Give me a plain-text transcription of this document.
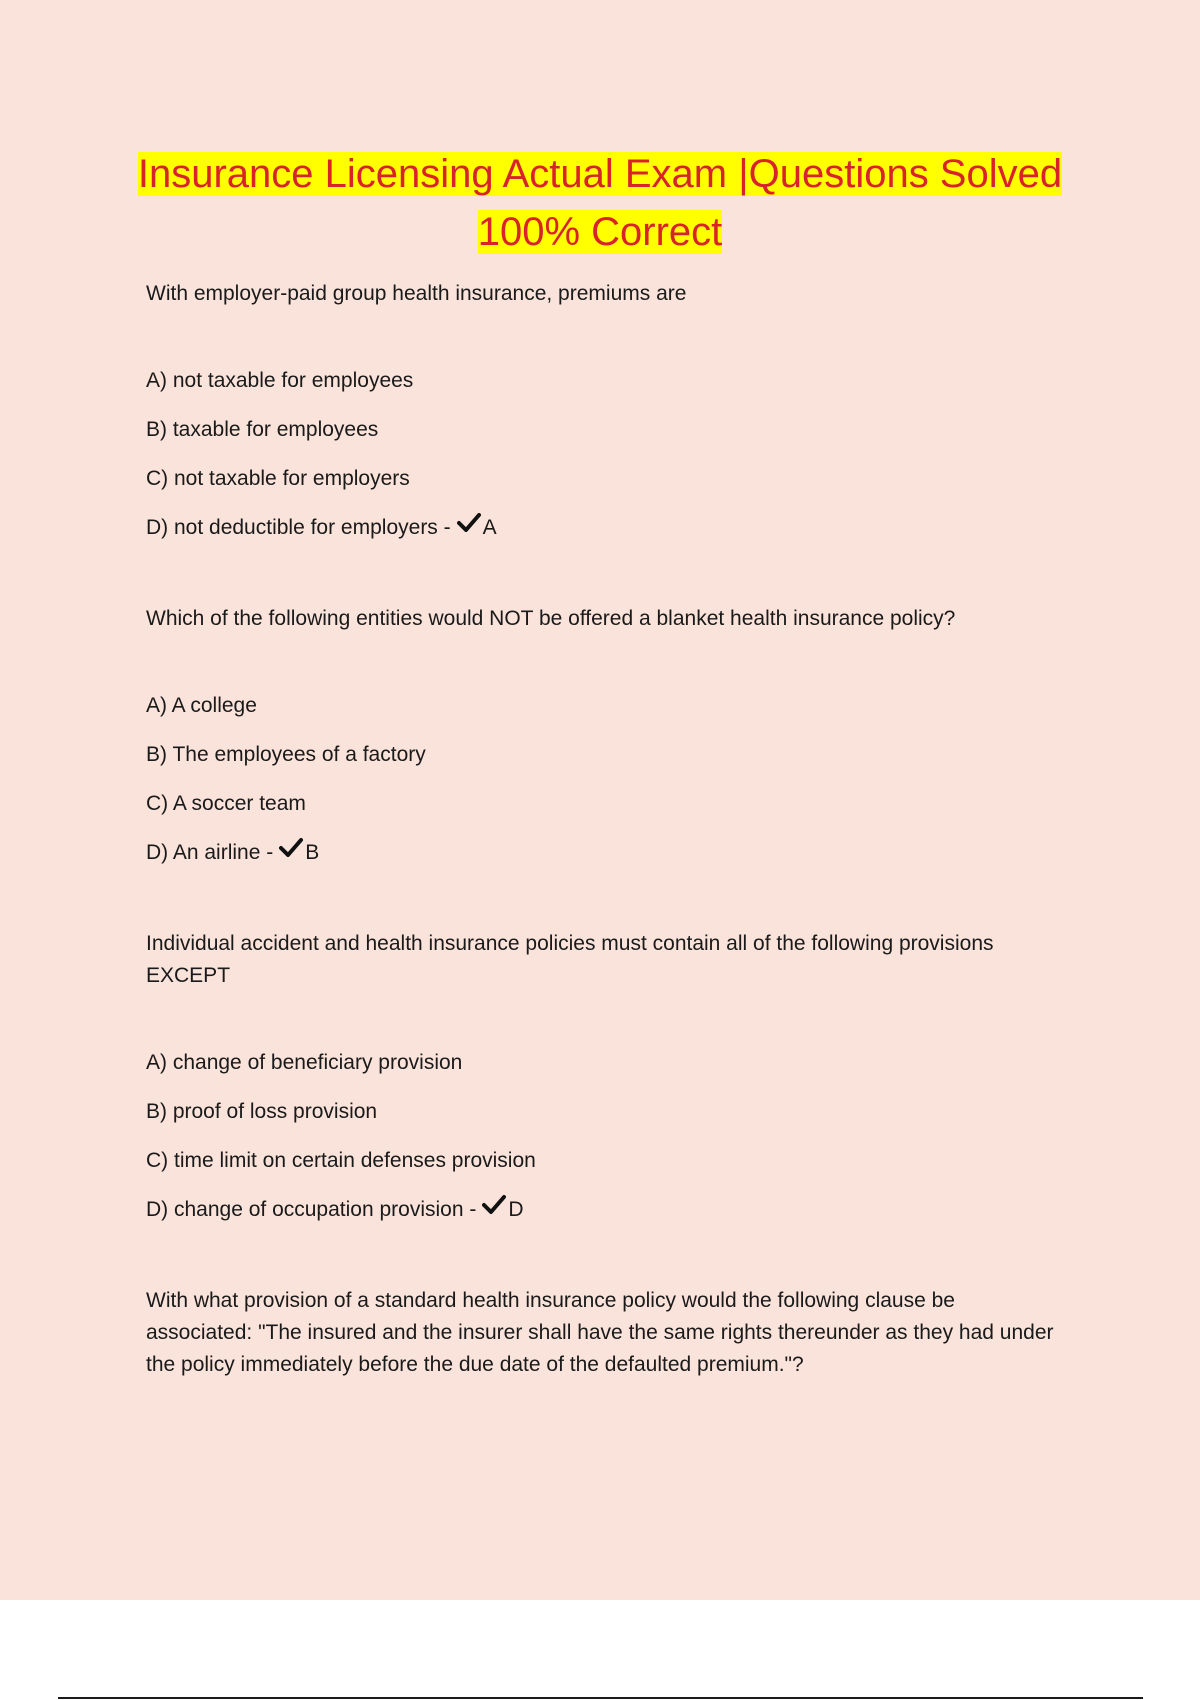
Insurance Licensing Actual Exam |Questions Solved
100% Correct

With employer-paid group health insurance, premiums are

A) not taxable for employees
B) taxable for employees
C) not taxable for employers
D) not deductible for employers - A

Which of the following entities would NOT be offered a blanket health insurance policy?

A) A college
B) The employees of a factory
C) A soccer team
D) An airline - B

Individual accident and health insurance policies must contain all of the following provisions EXCEPT

A) change of beneficiary provision
B) proof of loss provision
C) time limit on certain defenses provision
D) change of occupation provision - D

With what provision of a standard health insurance policy would the following clause be associated: "The insured and the insurer shall have the same rights thereunder as they had under the policy immediately before the due date of the defaulted premium."?
